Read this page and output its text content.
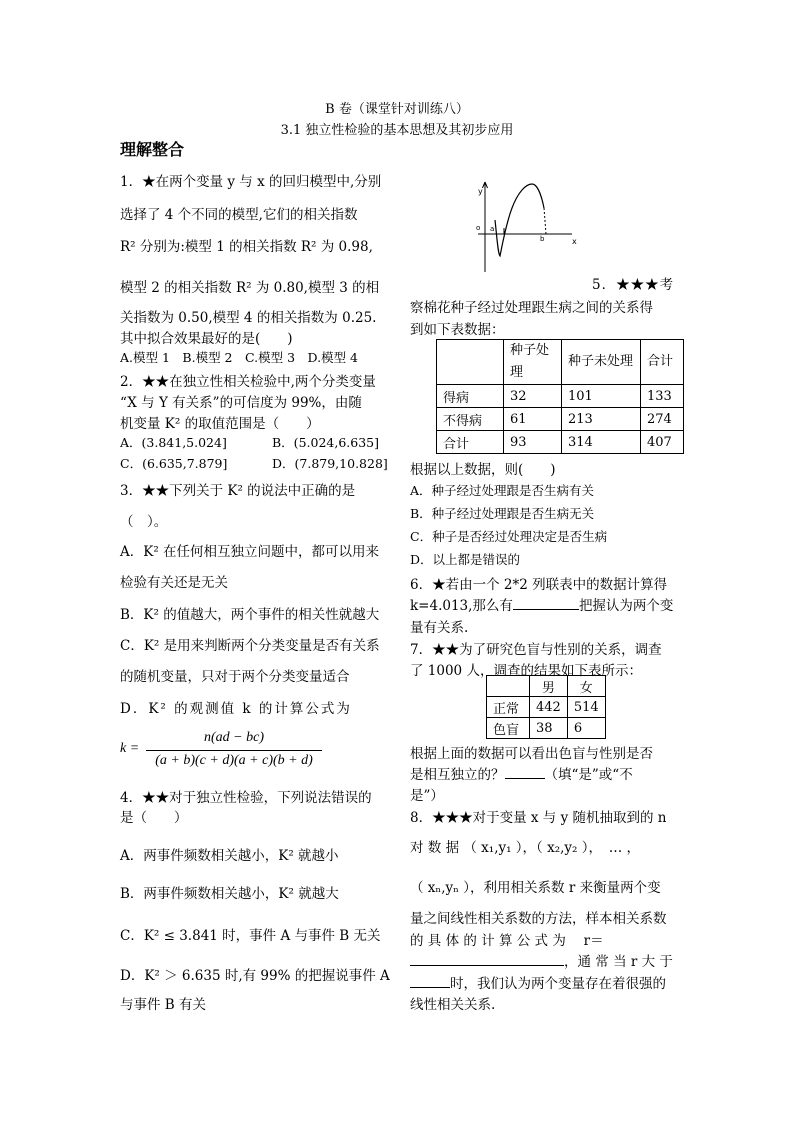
B 卷（课堂针对训练八）
3.1 独立性检验的基本思想及其初步应用
理解整合
1．★在两个变量 y 与 x 的回归模型中,分别
选择了 4 个不同的模型,它们的相关指数
R² 分别为:模型 1 的相关指数 R² 为 0.98,
模型 2 的相关指数 R² 为 0.80,模型 3 的相
关指数为 0.50,模型 4 的相关指数为 0.25.
其中拟合效果最好的是(　　)
A.模型 1　B.模型 2　C.模型 3　D.模型 4
2．★★在独立性相关检验中,两个分类变量
“X 与 Y 有关系”的可信度为 99%，由随
机变量 K² 的取值范围是（　　）
A．(3.841,5.024]	B．(5.024,6.635]
C．(6.635,7.879]	D．(7.879,10.828]
3．★★下列关于 K² 的说法中正确的是
（　）。
A．K² 在任何相互独立问题中，都可以用来
检验有关还是无关
B．K² 的值越大，两个事件的相关性就越大
C．K² 是用来判断两个分类变量是否有关系
的随机变量，只对于两个分类变量适合
D．K² 的观测值 k 的计算公式为
k =
n(ad − bc)
(a + b)(c + d)(a + c)(b + d)
4．★★对于独立性检验，下列说法错误的
是（　　）
A．两事件频数相关越小，K² 就越小
B．两事件频数相关越小，K² 就越大
C．K² ≤ 3.841 时，事件 A 与事件 B 无关
D．K² ＞ 6.635 时,有 99% 的把握说事件 A
与事件 B 有关
y
x
o a
b
5．★★★考
察棉花种子经过处理跟生病之间的关系得
到如下表数据：
	种子处理	种子未处理	合计
得病	32	101	133
不得病	61	213	274
合计	93	314	407
根据以上数据，则(　　)
A．种子经过处理跟是否生病有关
B．种子经过处理跟是否生病无关
C．种子是否经过处理决定是否生病
D．以上都是错误的
6．★若由一个 2*2 列联表中的数据计算得
k=4.013,那么有	把握认为两个变
量有关系.
7．★★为了研究色盲与性别的关系，调查
了 1000 人，调查的结果如下表所示：
	男	女
正常	442	514
色盲	38	6
根据上面的数据可以看出色盲与性别是否
是相互独立的？	（填“是”或“不
是”）
8．★★★对于变量 x 与 y 随机抽取到的 n
对 数 据 （ x₁,y₁ ），（ x₂,y₂ ），　… ，
（ xₙ,yₙ ），利用相关系数 r 来衡量两个变
量之间线性相关系数的方法，样本相关系数
的 具 体 的 计 算 公 式 为 　r＝
，通 常 当 r 大 于
时，我们认为两个变量存在着很强的
线性相关关系.
